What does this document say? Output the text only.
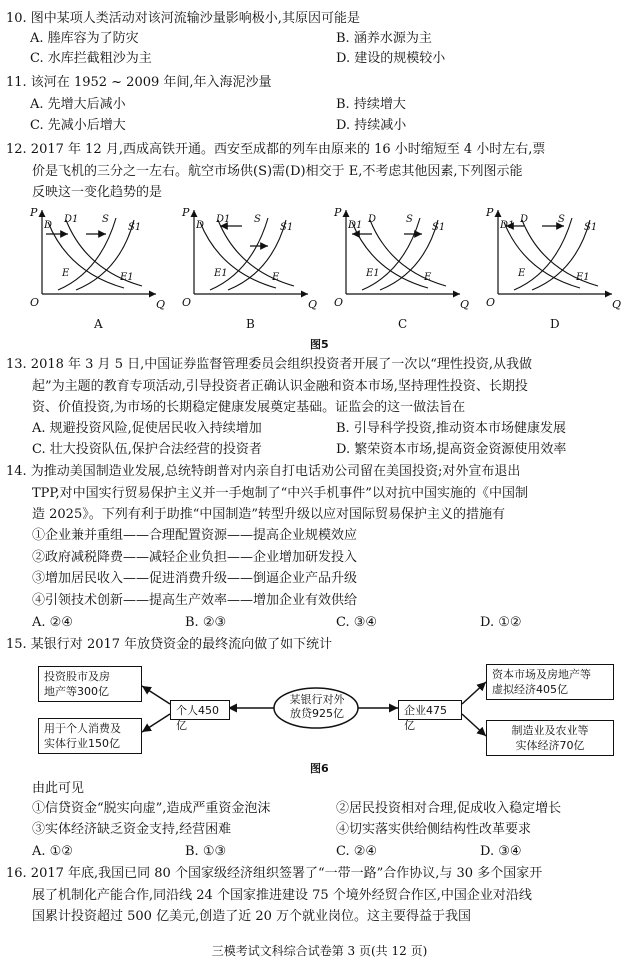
10. 图中某项人类活动对该河流输沙量影响极小,其原因可能是
A. 塍库容为了防灾	B. 涵养水源为主
C. 水库拦截粗沙为主	D. 建设的规模较小
11. 该河在 1952 ~ 2009 年间,年入海泥沙量
A. 先增大后减小	B. 持续增大
C. 先减小后增大	D. 持续减小
12. 2017 年 12 月,西成高铁开通。西安至成都的列车由原来的 16 小时缩短至 4 小时左右,票
价是飞机的三分之一左右。航空市场供(S)需(D)相交于 E,不考虑其他因素,下列图示能
反映这一变化趋势的是
P
Q
O
D
D1 S
S1
E	E1
A
P
Q
O
D
D1 S
S1
E1	E
B
P
Q
O
D1
D	S
S1
E1	E
C
P
Q
O
D1
D	S
S1
E	E1
D
图5
13. 2018 年 3 月 5 日,中国证券监督管理委员会组织投资者开展了一次以“理性投资,从我做
起”为主题的教育专项活动,引导投资者正确认识金融和资本市场,坚持理性投资、长期投
资、价值投资,为市场的长期稳定健康发展奠定基础。证监会的这一做法旨在
A. 规避投资风险,促使居民收入持续增加	B. 引导科学投资,推动资本市场健康发展
C. 壮大投资队伍,保护合法经营的投资者	D. 繁荣资本市场,提高资金资源使用效率
14. 为推动美国制造业发展,总统特朗普对内亲自打电话劝公司留在美国投资;对外宣布退出
TPP,对中国实行贸易保护主义并一手炮制了“中兴手机事件”以对抗中国实施的《中国制
造 2025》。下列有利于助推“中国制造”转型升级以应对国际贸易保护主义的措施有
①企业兼并重组——合理配置资源——提高企业规模效应
②政府减税降费——减轻企业负担——企业增加研发投入
③增加居民收入——促进消费升级——倒逼企业产品升级
④引领技术创新——提高生产效率——增加企业有效供给
A. ②④	B. ②③	C. ③④	D. ①②
15. 某银行对 2017 年放贷资金的最终流向做了如下统计
某银行对外
放贷925亿
个人450亿
企业475亿
投资股市及房
地产等300亿
用于个人消费及
实体行业150亿
资本市场及房地产等
虚拟经济405亿
制造业及农业等
实体经济70亿
图6
由此可见
①信贷资金“脱实向虚”,造成严重资金泡沫	②居民投资相对合理,促成收入稳定增长
③实体经济缺乏资金支持,经营困难	④切实落实供给侧结构性改革要求
A. ①②	B. ①③	C. ②④	D. ③④
16. 2017 年底,我国已同 80 个国家级经济组织签署了“一带一路”合作协议,与 30 多个国家开
展了机制化产能合作,同沿线 24 个国家推进建设 75 个境外经贸合作区,中国企业对沿线
国累计投资超过 500 亿美元,创造了近 20 万个就业岗位。这主要得益于我国
三模考试文科综合试卷第 3 页(共 12 页)
